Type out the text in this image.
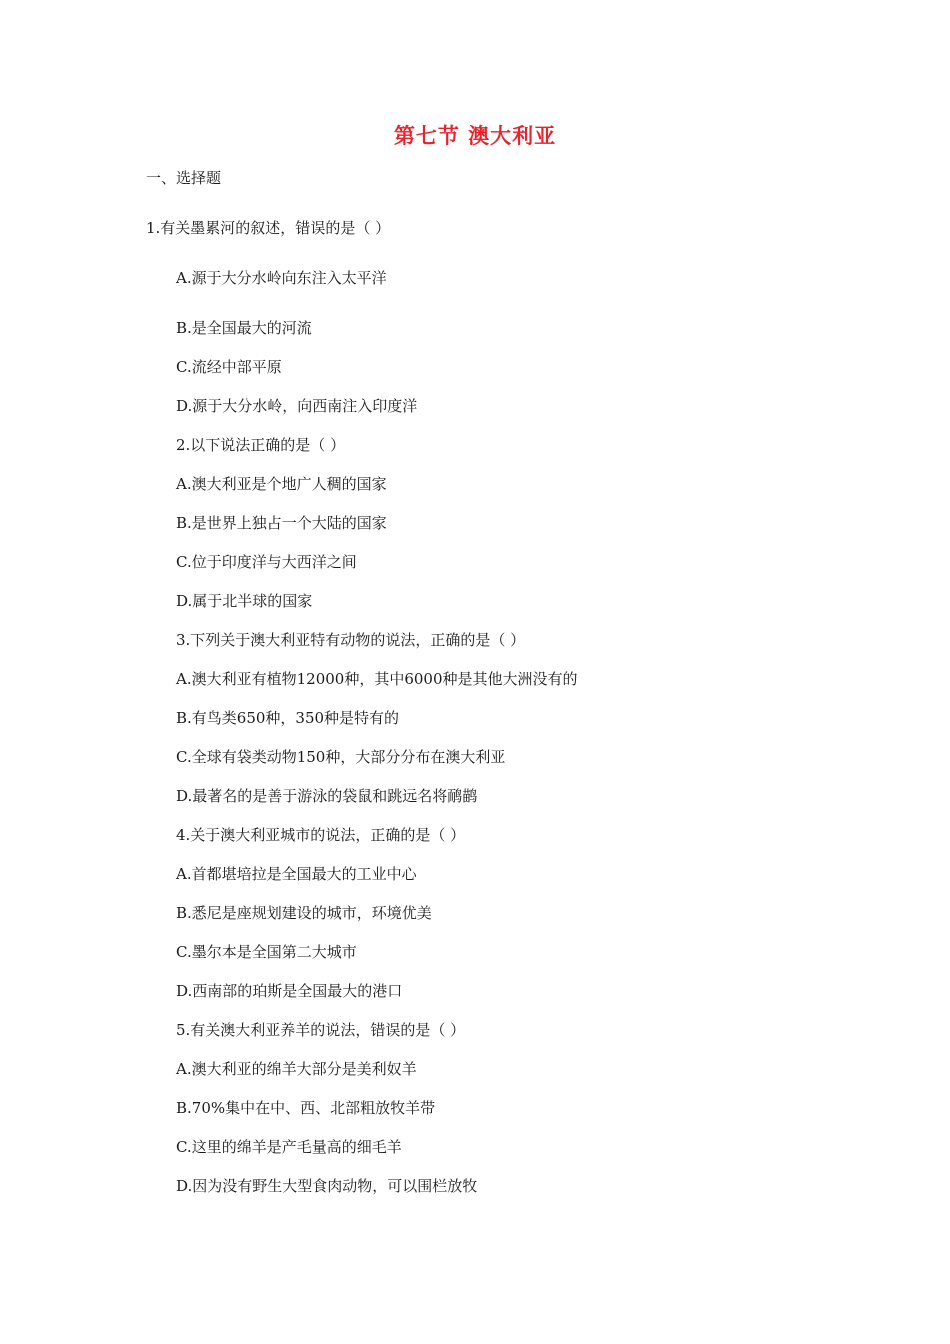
第七节 澳大利亚
一、选择题
1.有关墨累河的叙述，错误的是（ ）
A.源于大分水岭向东注入太平洋
B.是全国最大的河流
C.流经中部平原
D.源于大分水岭，向西南注入印度洋
2.以下说法正确的是（ ）
A.澳大利亚是个地广人稠的国家
B.是世界上独占一个大陆的国家
C.位于印度洋与大西洋之间
D.属于北半球的国家
3.下列关于澳大利亚特有动物的说法，正确的是（ ）
A.澳大利亚有植物12000种，其中6000种是其他大洲没有的
B.有鸟类650种，350种是特有的
C.全球有袋类动物150种，大部分分布在澳大利亚
D.最著名的是善于游泳的袋鼠和跳远名将鸸鹋
4.关于澳大利亚城市的说法，正确的是（ ）
A.首都堪培拉是全国最大的工业中心
B.悉尼是座规划建设的城市，环境优美
C.墨尔本是全国第二大城市
D.西南部的珀斯是全国最大的港口
5.有关澳大利亚养羊的说法，错误的是（ ）
A.澳大利亚的绵羊大部分是美利奴羊
B.70%集中在中、西、北部粗放牧羊带
C.这里的绵羊是产毛量高的细毛羊
D.因为没有野生大型食肉动物，可以围栏放牧
